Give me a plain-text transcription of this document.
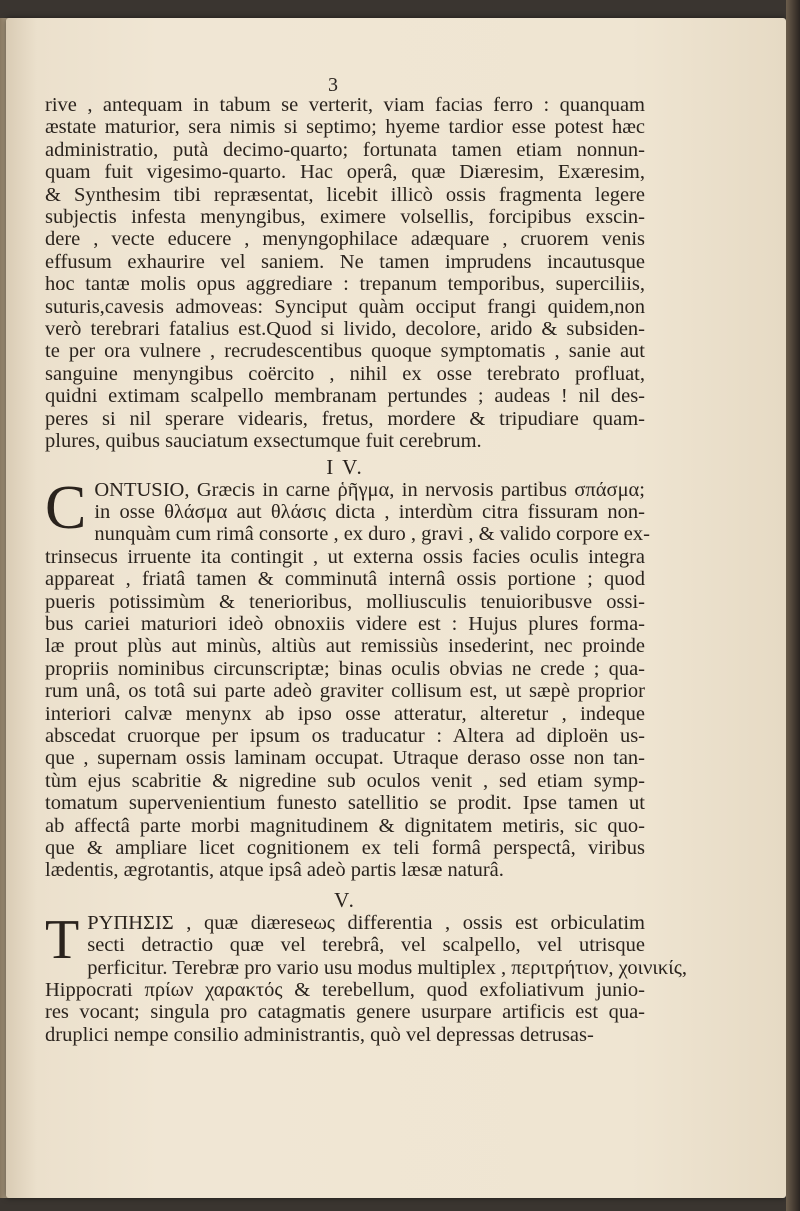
3
rive , antequam in tabum se verterit, viam facias ferro : quanquam
æstate maturior, sera nimis si septimo; hyeme tardior esse potest hæc
administratio, putà decimo-quarto; fortunata tamen etiam nonnun-
quam fuit vigesimo-quarto. Hac operâ, quæ Diæresim, Exæresim,
& Synthesim tibi repræsentat, licebit illicò ossis fragmenta legere
subjectis infesta menyngibus, eximere volsellis, forcipibus exscin-
dere , vecte educere , menyngophilace adæquare , cruorem venis
effusum exhaurire vel saniem. Ne tamen imprudens incautusque
hoc tantæ molis opus aggrediare : trepanum temporibus, superciliis,
suturis,cavesis admoveas: Synciput quàm occiput frangi quidem,non
verò terebrari fatalius est.Quod si livido, decolore, arido & subsiden-
te per ora vulnere , recrudescentibus quoque symptomatis , sanie aut
sanguine menyngibus coërcito , nihil ex osse terebrato profluat,
quidni extimam scalpello membranam pertundes ; audeas ! nil des-
peres si nil sperare videaris, fretus, mordere & tripudiare quam-
plures, quibus sauciatum exsectumque fuit cerebrum.
I V.
C ONTUSIO, Græcis in carne ῥῆγμα, in nervosis partibus σπάσμα;
in osse θλάσμα aut θλάσις dicta , interdùm citra fissuram non-
nunquàm cum rimâ consorte , ex duro , gravi , & valido corpore ex-
trinsecus irruente ita contingit , ut externa ossis facies oculis integra
appareat , friatâ tamen & comminutâ internâ ossis portione ; quod
pueris potissimùm & tenerioribus, molliusculis tenuioribusve ossi-
bus cariei maturiori ideò obnoxiis videre est : Hujus plures forma-
læ prout plùs aut minùs, altiùs aut remissiùs insederint, nec proinde
propriis nominibus circunscriptæ; binas oculis obvias ne crede ; qua-
rum unâ, os totâ sui parte adeò graviter collisum est, ut sæpè proprior
interiori calvæ menynx ab ipso osse atteratur, alteretur , indeque
abscedat cruorque per ipsum os traducatur : Altera ad diploën us-
que , supernam ossis laminam occupat. Utraque deraso osse non tan-
tùm ejus scabritie & nigredine sub oculos venit , sed etiam symp-
tomatum supervenientium funesto satellitio se prodit. Ipse tamen ut
ab affectâ parte morbi magnitudinem & dignitatem metiris, sic quo-
que & ampliare licet cognitionem ex teli formâ perspectâ, viribus
lædentis, ægrotantis, atque ipsâ adeò partis læsæ naturâ.
V.
T ΡΥΠΗΣΙΣ , quæ diæreseως differentia , ossis est orbiculatim
secti detractio quæ vel terebrâ, vel scalpello, vel utrisque
perficitur. Terebræ pro vario usu modus multiplex , περιτρήτιον, χοινικίς,
Hippocrati πρίων χαρακτός & terebellum, quod exfoliativum junio-
res vocant; singula pro catagmatis genere usurpare artificis est qua-
druplici nempe consilio administrantis, quò vel depressas detrusas-
